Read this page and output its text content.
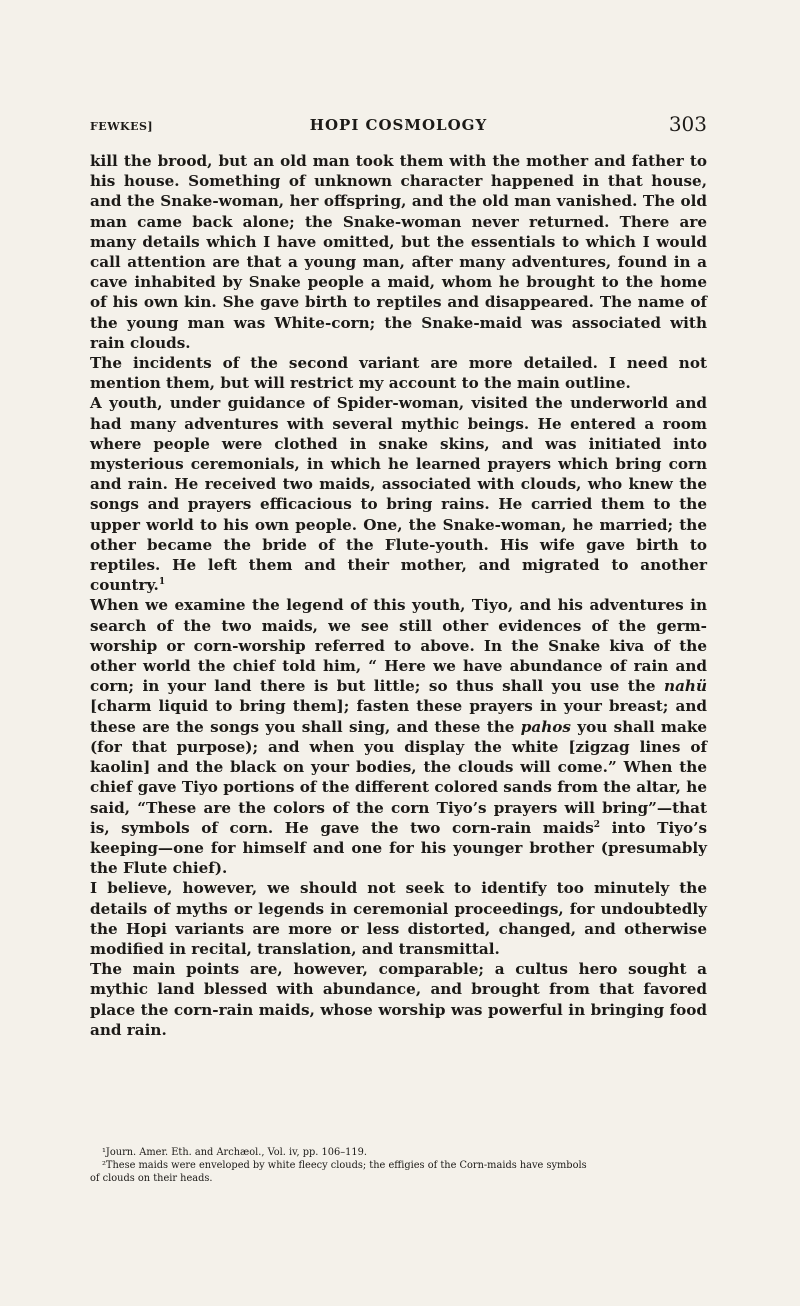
FEWKES]	HOPI COSMOLOGY	303

kill the brood, but an old man took them with the mother and father to his house. Something of unknown character happened in that house, and the Snake-woman, her offspring, and the old man vanished. The old man came back alone; the Snake-woman never returned. There are many details which I have omitted, but the essentials to which I would call attention are that a young man, after many adventures, found in a cave inhabited by Snake people a maid, whom he brought to the home of his own kin. She gave birth to reptiles and disappeared. The name of the young man was White-corn; the Snake-maid was associated with rain clouds.

The incidents of the second variant are more detailed. I need not mention them, but will restrict my account to the main outline.

A youth, under guidance of Spider-woman, visited the underworld and had many adventures with several mythic beings. He entered a room where people were clothed in snake skins, and was initiated into mysterious ceremonials, in which he learned prayers which bring corn and rain. He received two maids, associated with clouds, who knew the songs and prayers efficacious to bring rains. He carried them to the upper world to his own people. One, the Snake-woman, he married; the other became the bride of the Flute-youth. His wife gave birth to reptiles. He left them and their mother, and migrated to another country.$^1$

When we examine the legend of this youth, Tiyo, and his adventures in search of the two maids, we see still other evidences of the germ-worship or corn-worship referred to above. In the Snake kiva of the other world the chief told him, “ Here we have abundance of rain and corn; in your land there is but little; so thus shall you use the nahü [charm liquid to bring them]; fasten these prayers in your breast; and these are the songs you shall sing, and these the pahos you shall make (for that purpose); and when you display the white [zigzag lines of kaolin] and the black on your bodies, the clouds will come.” When the chief gave Tiyo portions of the different colored sands from the altar, he said, “These are the colors of the corn Tiyo’s prayers will bring”—that is, symbols of corn. He gave the two corn-rain maids$^2$ into Tiyo’s keeping—one for himself and one for his younger brother (presumably the Flute chief).

I believe, however, we should not seek to identify too minutely the details of myths or legends in ceremonial proceedings, for undoubtedly the Hopi variants are more or less distorted, changed, and otherwise modified in recital, translation, and transmittal.

The main points are, however, comparable; a cultus hero sought a mythic land blessed with abundance, and brought from that favored place the corn-rain maids, whose worship was powerful in bringing food and rain.

¹Journ. Amer. Eth. and Archæol., Vol. iv, pp. 106–119.

²These maids were enveloped by white fleecy clouds; the effigies of the Corn-maids have symbols

of clouds on their heads.
